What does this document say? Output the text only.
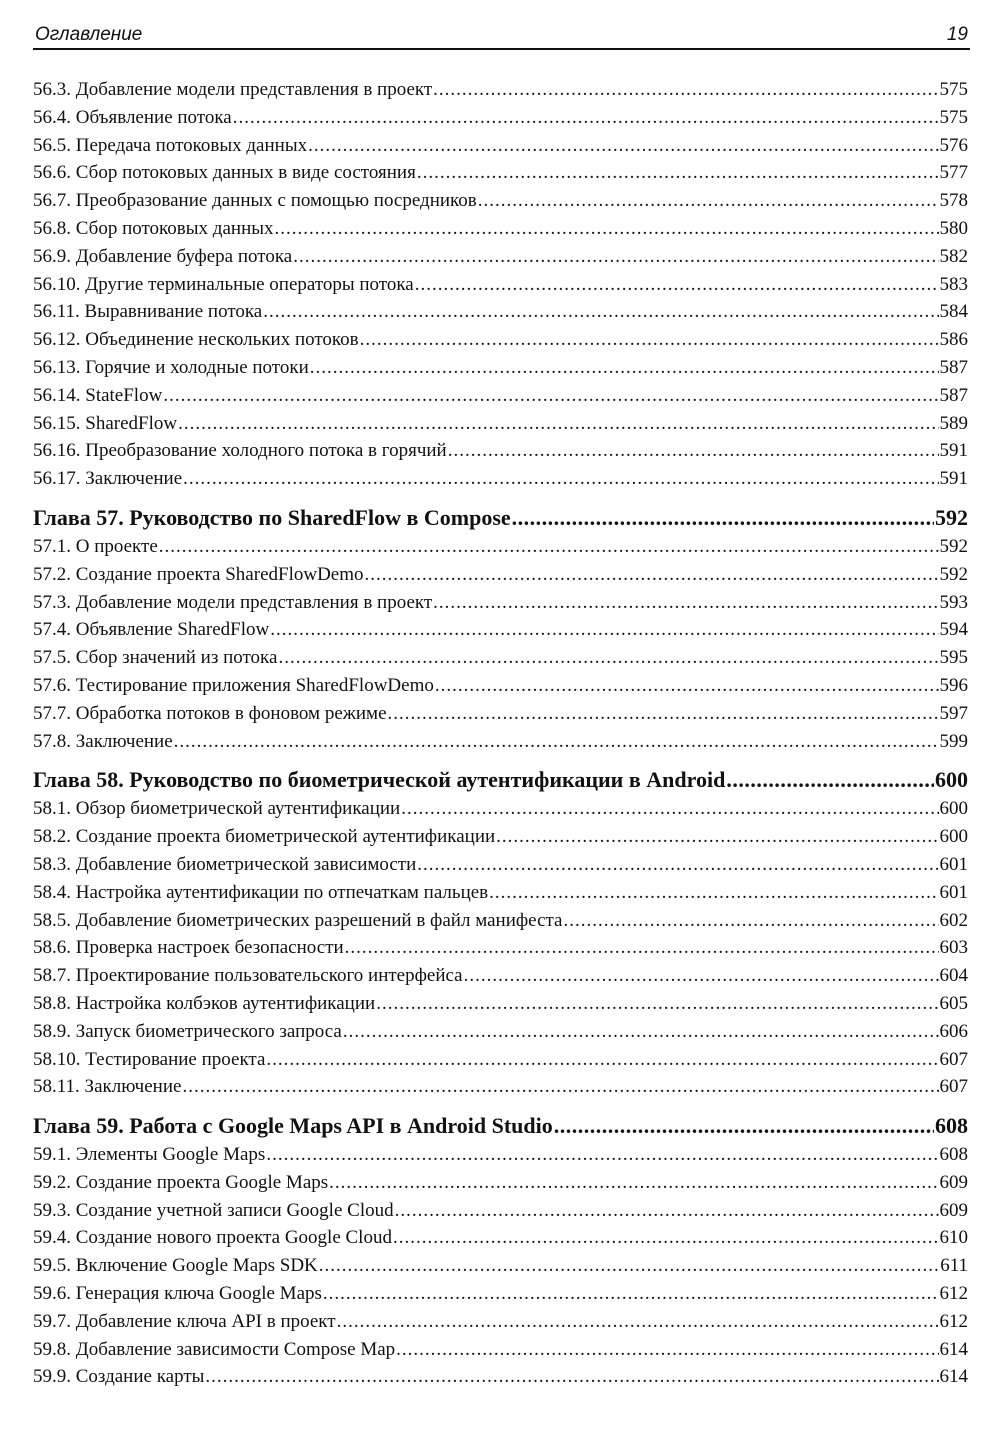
Оглавление	19
56.3. Добавление модели представления в проект .....	575
56.4. Объявление потока .....	575
56.5. Передача потоковых данных .....	576
56.6. Сбор потоковых данных в виде состояния .....	577
56.7. Преобразование данных с помощью посредников .....	578
56.8. Сбор потоковых данных .....	580
56.9. Добавление буфера потока .....	582
56.10. Другие терминальные операторы потока .....	583
56.11. Выравнивание потока .....	584
56.12. Объединение нескольких потоков .....	586
56.13. Горячие и холодные потоки .....	587
56.14. StateFlow .....	587
56.15. SharedFlow .....	589
56.16. Преобразование холодного потока в горячий .....	591
56.17. Заключение .....	591
Глава 57. Руководство по SharedFlow в Compose .....	592
57.1. О проекте .....	592
57.2. Создание проекта SharedFlowDemo .....	592
57.3. Добавление модели представления в проект .....	593
57.4. Объявление SharedFlow .....	594
57.5. Сбор значений из потока .....	595
57.6. Тестирование приложения SharedFlowDemo .....	596
57.7. Обработка потоков в фоновом режиме .....	597
57.8. Заключение .....	599
Глава 58. Руководство по биометрической аутентификации в Android .....	600
58.1. Обзор биометрической аутентификации .....	600
58.2. Создание проекта биометрической аутентификации .....	600
58.3. Добавление биометрической зависимости .....	601
58.4. Настройка аутентификации по отпечаткам пальцев .....	601
58.5. Добавление биометрических разрешений в файл манифеста .....	602
58.6. Проверка настроек безопасности .....	603
58.7. Проектирование пользовательского интерфейса .....	604
58.8. Настройка колбэков аутентификации .....	605
58.9. Запуск биометрического запроса .....	606
58.10. Тестирование проекта .....	607
58.11. Заключение .....	607
Глава 59. Работа с Google Maps API в Android Studio .....	608
59.1. Элементы Google Maps .....	608
59.2. Создание проекта Google Maps .....	609
59.3. Создание учетной записи Google Cloud .....	609
59.4. Создание нового проекта Google Cloud .....	610
59.5. Включение Google Maps SDK .....	611
59.6. Генерация ключа Google Maps .....	612
59.7. Добавление ключа API в проект .....	612
59.8. Добавление зависимости Compose Map .....	614
59.9. Создание карты .....	614
